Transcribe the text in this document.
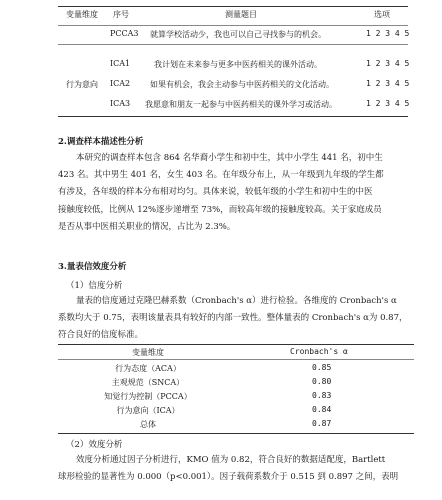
变量维度 序号	测量题目	选项
PCCA3 就算学校活动少，我也可以自己寻找参与的机会。	1 2 3 4 5
ICA1	我计划在未来参与更多中医药相关的课外活动。	1 2 3 4 5
行为意向 ICA2 如果有机会，我会主动参与中医药相关的文化活动。	1 2 3 4 5
ICA3 我愿意和朋友一起参与中医药相关的课外学习或活动。	1 2 3 4 5
2.调查样本描述性分析
本研究的调查样本包含 864 名华裔小学生和初中生，其中小学生 441 名，初中生
423 名。其中男生 401 名，女生 403 名。在年级分布上，从一年级到九年级的学生都
有涉及，各年级的样本分布相对均匀。具体来说，较低年级的小学生和初中生的中医
接触度较低，比例从 12%逐步递增至 73%，而较高年级的接触度较高。关于家庭成员
是否从事中医相关职业的情况，占比为 2.3%。
3.量表信效度分析
（1）信度分析
量表的信度通过克隆巴赫系数（Cronbach's α）进行检验。各维度的 Cronbach's α
系数均大于 0.75，表明该量表具有较好的内部一致性。整体量表的 Cronbach's α为 0.87，
符合良好的信度标准。
变量维度	Cronbach's α
行为态度（ACA）	0.85
主观规范（SNCA）	0.80
知觉行为控制（PCCA）	0.83
行为意向（ICA）	0.84
总体	0.87
（2）效度分析
效度分析通过因子分析进行，KMO 值为 0.82，符合良好的数据适配度，Bartlett
球形检验的显著性为 0.000（p<0.001）。因子载荷系数介于 0.515 到 0.897 之间，表明
